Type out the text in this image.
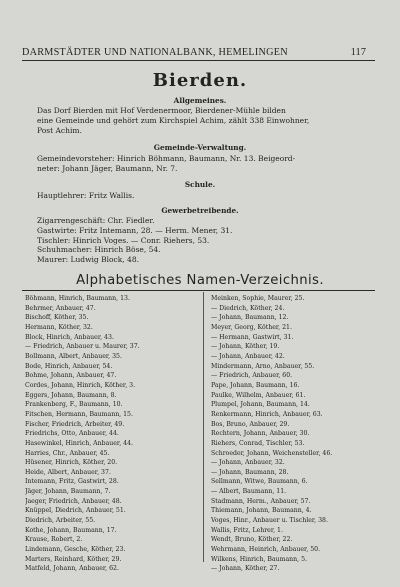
DARMSTÄDTER UND NATIONALBANK, HEMELINGEN	117
Bierden.
Allgemeines.
Das Dorf Bierden mit Hof Verdenermoor, Bierdener-Mühle bilden
eine Gemeinde und gehört zum Kirchspiel Achim, zählt 338 Einwohner,
Post Achim.
Gemeinde-Verwaltung.
Gemeindevorsteher: Hinrich Böhmann, Baumann, Nr. 13. Beigeord-
neter: Johann Jäger, Baumann, Nr. 7.
Schule.
Hauptlehrer: Fritz Wallis.
Gewerbetreibende.
Zigarrengeschäft: Chr. Fiedler.
Gastwirte: Fritz Intemann, 28. — Herm. Mener, 31.
Tischler: Hinrich Voges. — Conr. Riehers, 53.
Schuhmacher: Hinrich Böse, 54.
Maurer: Ludwig Block, 48.
Alphabetisches Namen-Verzeichnis.
Böhmann, Hinrich, Baumann, 13.
Behrmer, Anbauer, 47.
Bischoff, Köther, 35.
Hermann, Köther, 32.
Block, Hinrich, Anbauer, 43.
— Friedrich, Anbauer u. Maurer, 37.
Bollmann, Albert, Anbauer, 35.
Bode, Hinrich, Anbauer, 54.
Bohme, Johann, Anbauer, 47.
Cordes, Johann, Hinrich, Köther, 3.
Eggers, Johann, Baumann, 8.
Frankenberg, F., Baumann, 10.
Fitschen, Hermann, Baumann, 15.
Fischer, Friedrich, Arbeiter, 49.
Friedrichs, Otto, Anbauer, 44.
Hasewinkel, Hinrich, Anbauer, 44.
Harries, Chr., Anbauer, 45.
Hüsener, Hinrich, Köther, 20.
Heide, Albert, Anbauer, 37.
Intemann, Fritz, Gastwirt, 28.
Jäger, Johann, Baumann, 7.
Jaeger, Friedrich, Anbauer, 48.
Knüppel, Diedrich, Anbauer, 51.
Diedrich, Arbeiter, 55.
Kothe, Johann, Baumann, 17.
Krause, Robert, 2.
Lindemann, Gesche, Köther, 23.
Marters, Reinhard, Köther, 29.
Matfeld, Johann, Anbauer, 62.
Meinken, Sophie, Maurer, 25.
— Diedrich, Köther, 24.
— Johann, Baumann, 12.
Meyer, Georg, Köther, 21.
— Hermann, Gastwirt, 31.
— Johann, Köther, 19.
— Johann, Anbauer, 42.
Mindermann, Arno, Anbauer, 55.
— Friedrich, Anbauer, 60.
Pape, Johann, Baumann, 16.
Paulke, Wilhelm, Anbauer, 61.
Plumpel, Johann, Baumann, 14.
Renkermann, Hinrich, Anbauer, 63.
Bos, Bruno, Anbauer, 29.
Rechtern, Johann, Anbauer, 30.
Riehers, Conrad, Tischler, 53.
Schroeder, Johann, Weichensteller, 46.
— Johann, Anbauer, 32.
— Johann, Baumann, 28.
Sellmann, Witwe, Baumann, 6.
— Albert, Baumann, 11.
Stadmann, Herm., Anbauer, 57.
Thiemann, Johann, Baumann, 4.
Voges, Hinr., Anbauer u. Tischler, 38.
Wallis, Fritz, Lehrer, 1.
Wendt, Bruno, Köther, 22.
Wehrmann, Heinrich, Anbauer, 50.
Wilkens, Hinrich, Baumann, 5.
— Johann, Köther, 27.
